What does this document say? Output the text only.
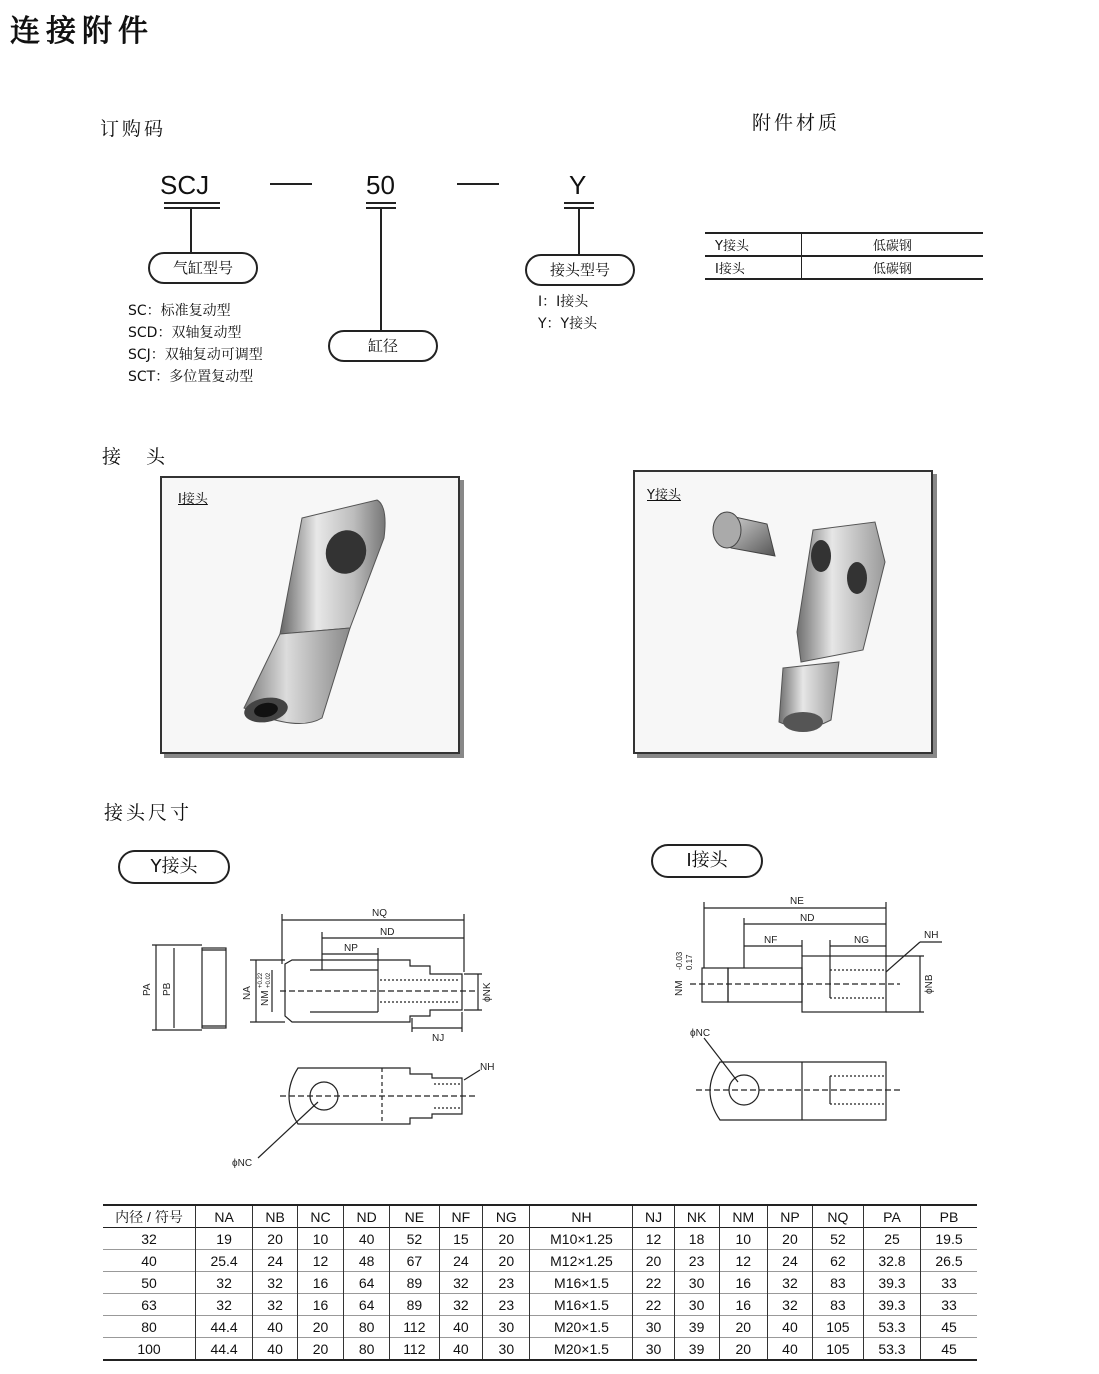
连接附件
订购码
SCJ	50	Y
气缸型号
缸径
接头型号
SC：标准复动型
SCD：双轴复动型
SCJ：双轴复动可调型
SCT：多位置复动型
I：I接头
Y：Y接头
附件材质
Y接头	低碳钢
I接头	低碳钢
接　头
I接头	Y接头
接头尺寸
Y接头	I接头
PA PB	NA NM
+0.22 +0.02
NQ
ND
NP
ϕNK
NJ
NH
ϕNC
NE
ND
NF	NG	NH
NM
-0.03 0.17
ϕNB
ϕNC
内径 / 符号	NA	NB	NC	ND	NE	NF	NG	NH	NJ	NK	NM	NP	NQ	PA	PB
32	19	20	10	40	52	15	20	M10×1.25	12	18	10	20	52	25	19.5
40	25.4	24	12	48	67	24	20	M12×1.25	20	23	12	24	62	32.8	26.5
50	32	32	16	64	89	32	23	M16×1.5	22	30	16	32	83	39.3	33
63	32	32	16	64	89	32	23	M16×1.5	22	30	16	32	83	39.3	33
80	44.4	40	20	80	112	40	30	M20×1.5	30	39	20	40	105	53.3	45
100	44.4	40	20	80	112	40	30	M20×1.5	30	39	20	40	105	53.3	45
